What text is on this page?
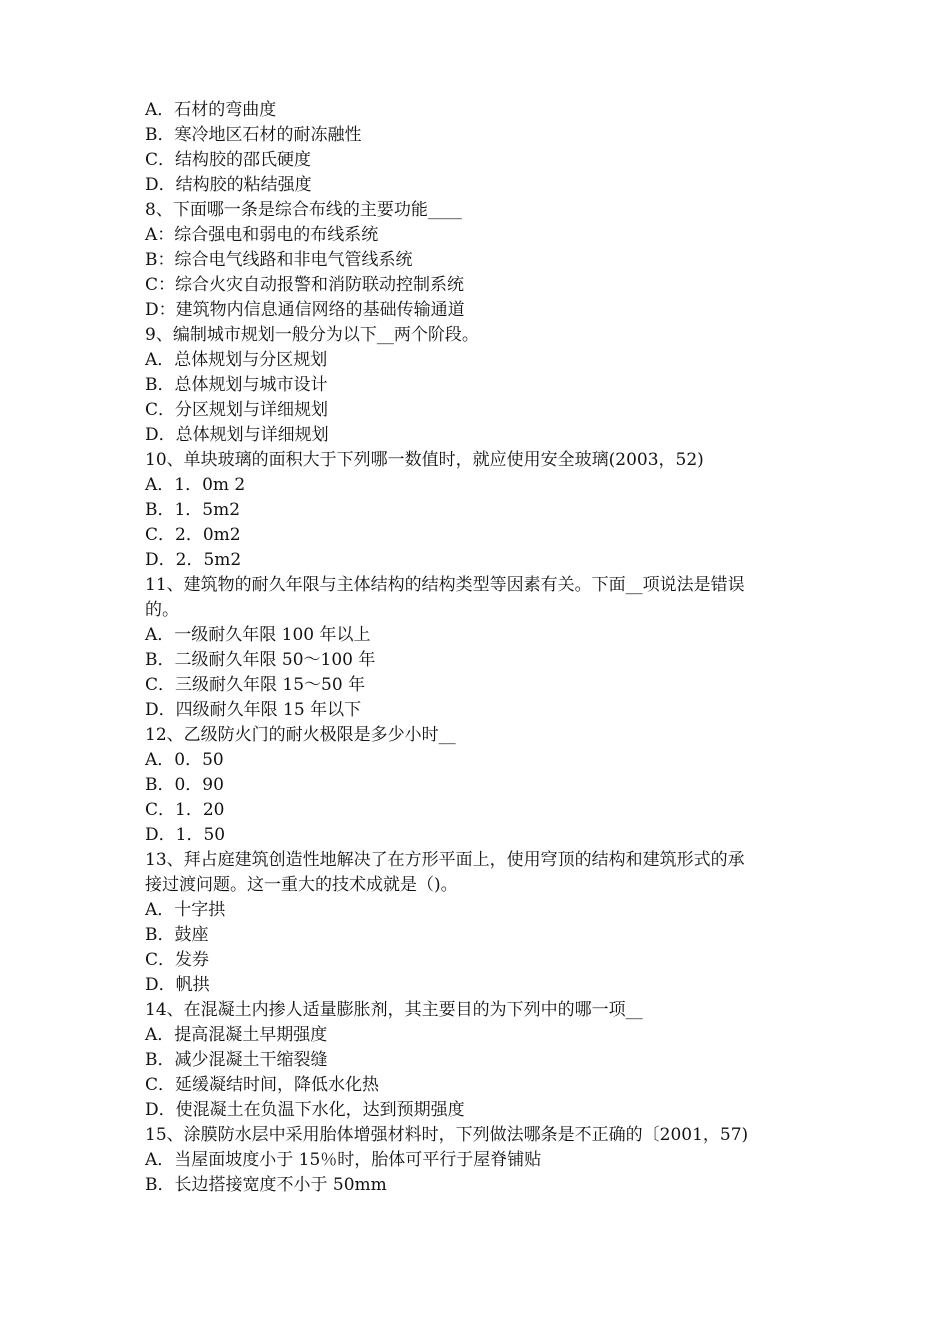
A．石材的弯曲度
B．寒冷地区石材的耐冻融性
C．结构胶的邵氏硬度
D．结构胶的粘结强度
8、下面哪一条是综合布线的主要功能____
A：综合强电和弱电的布线系统
B：综合电气线路和非电气管线系统
C：综合火灾自动报警和消防联动控制系统
D：建筑物内信息通信网络的基础传输通道
9、编制城市规划一般分为以下__两个阶段。
A．总体规划与分区规划
B．总体规划与城市设计
C．分区规划与详细规划
D．总体规划与详细规划
10、单块玻璃的面积大于下列哪一数值时，就应使用安全玻璃(2003，52)
A．1．0m 2
B．1．5m2
C．2．0m2
D．2．5m2
11、建筑物的耐久年限与主体结构的结构类型等因素有关。下面__项说法是错误
的。
A．一级耐久年限 100 年以上
B．二级耐久年限 50～100 年
C．三级耐久年限 15～50 年
D．四级耐久年限 15 年以下
12、乙级防火门的耐火极限是多少小时__
A．0．50
B．0．90
C．1．20
D．1．50
13、拜占庭建筑创造性地解决了在方形平面上，使用穹顶的结构和建筑形式的承
接过渡问题。这一重大的技术成就是（)。
A．十字拱
B．鼓座
C．发券
D．帆拱
14、在混凝土内掺人适量膨胀剂，其主要目的为下列中的哪一项__
A．提高混凝土早期强度
B．减少混凝土干缩裂缝
C．延缓凝结时间，降低水化热
D．使混凝土在负温下水化，达到预期强度
15、涂膜防水层中采用胎体增强材料时，下列做法哪条是不正确的〔2001，57)
A．当屋面坡度小于 15％时，胎体可平行于屋脊铺贴
B．长边搭接宽度不小于 50mm
